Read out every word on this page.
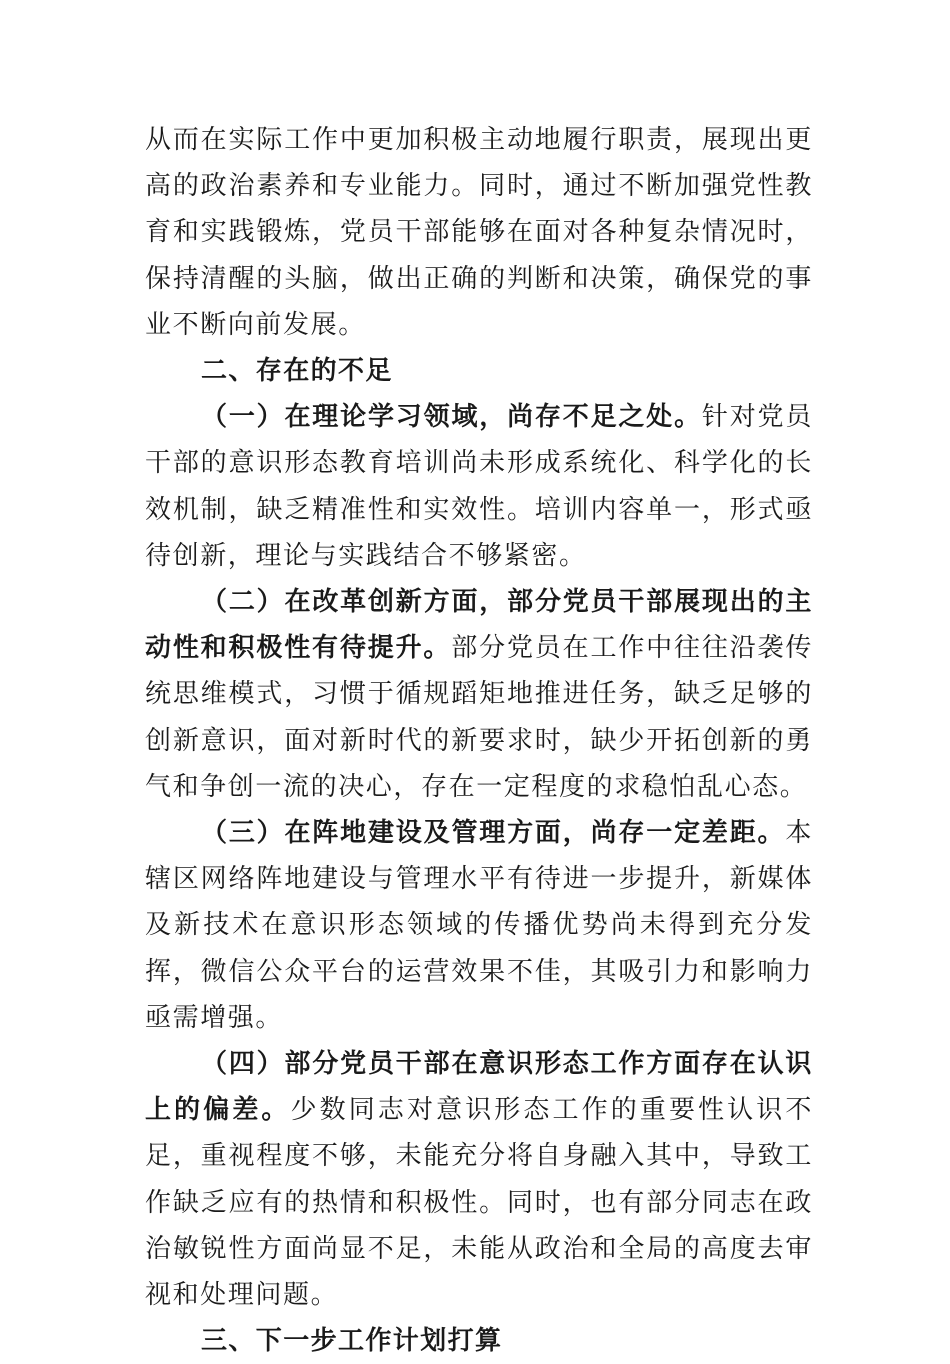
从而在实际工作中更加积极主动地履行职责，展现出更高的政治素养和专业能力。同时，通过不断加强党性教育和实践锻炼，党员干部能够在面对各种复杂情况时，保持清醒的头脑，做出正确的判断和决策，确保党的事业不断向前发展。

二、存在的不足

（一）在理论学习领域，尚存不足之处。针对党员干部的意识形态教育培训尚未形成系统化、科学化的长效机制，缺乏精准性和实效性。培训内容单一，形式亟待创新，理论与实践结合不够紧密。

（二）在改革创新方面，部分党员干部展现出的主动性和积极性有待提升。部分党员在工作中往往沿袭传统思维模式，习惯于循规蹈矩地推进任务，缺乏足够的创新意识，面对新时代的新要求时，缺少开拓创新的勇气和争创一流的决心，存在一定程度的求稳怕乱心态。

（三）在阵地建设及管理方面，尚存一定差距。本辖区网络阵地建设与管理水平有待进一步提升，新媒体及新技术在意识形态领域的传播优势尚未得到充分发挥，微信公众平台的运营效果不佳，其吸引力和影响力亟需增强。

（四）部分党员干部在意识形态工作方面存在认识上的偏差。少数同志对意识形态工作的重要性认识不足，重视程度不够，未能充分将自身融入其中，导致工作缺乏应有的热情和积极性。同时，也有部分同志在政治敏锐性方面尚显不足，未能从政治和全局的高度去审视和处理问题。

三、下一步工作计划打算
